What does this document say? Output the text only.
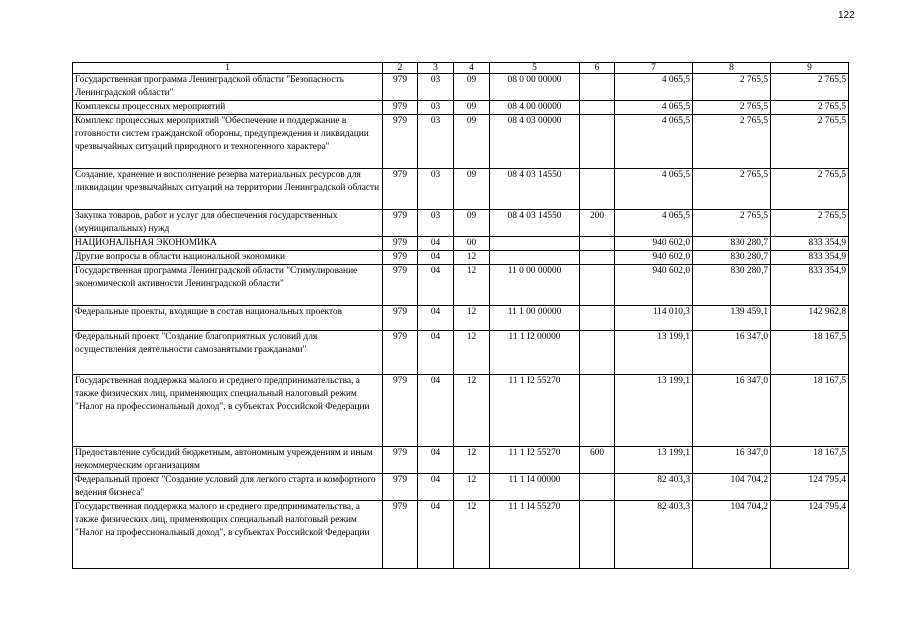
122
1	2	3	4	5	6	7	8	9
Государственная программа Ленинградской области "Безопасность Ленинградской области"	979	03	09	08 0 00 00000		4 065,5	2 765,5	2 765,5
Комплексы процессных мероприятий	979	03	09	08 4 00 00000		4 065,5	2 765,5	2 765,5
Комплекс процессных мероприятий "Обеспечение и поддержание в готовности систем гражданской обороны, предупреждения и ликвидации чрезвычайных ситуаций природного и техногенного характера"	979	03	09	08 4 03 00000		4 065,5	2 765,5	2 765,5
Создание, хранение и восполнение резерва материальных ресурсов для ликвидации чрезвычайных ситуаций на территории Ленинградской области	979	03	09	08 4 03 14550		4 065,5	2 765,5	2 765,5
Закупка товаров, работ и услуг для обеспечения государственных (муниципальных) нужд	979	03	09	08 4 03 14550	200	4 065,5	2 765,5	2 765,5
НАЦИОНАЛЬНАЯ ЭКОНОМИКА	979	04	00			940 602,0	830 280,7	833 354,9
Другие вопросы в области национальной экономики	979	04	12			940 602,0	830 280,7	833 354,9
Государственная программа Ленинградской области "Стимулирование экономической активности Ленинградской области"	979	04	12	11 0 00 00000		940 602,0	830 280,7	833 354,9
Федеральные проекты, входящие в состав национальных проектов	979	04	12	11 1 00 00000		114 010,3	139 459,1	142 962,8
Федеральный проект "Создание благоприятных условий для осуществления деятельности самозанятыми гражданами"	979	04	12	11 1 I2 00000		13 199,1	16 347,0	18 167,5
Государственная поддержка малого и среднего предпринимательства, а также физических лиц, применяющих специальный налоговый режим "Налог на профессиональный доход", в субъектах Российской Федерации	979	04	12	11 1 I2 55270		13 199,1	16 347,0	18 167,5
Предоставление субсидий бюджетным, автономным учреждениям и иным некоммерческим организациям	979	04	12	11 1 I2 55270	600	13 199,1	16 347,0	18 167,5
Федеральный проект "Создание условий для легкого старта и комфортного ведения бизнеса"	979	04	12	11 1 I4 00000		82 403,3	104 704,2	124 795,4
Государственная поддержка малого и среднего предпринимательства, а также физических лиц, применяющих специальный налоговый режим "Налог на профессиональный доход", в субъектах Российской Федерации	979	04	12	11 1 I4 55270		82 403,3	104 704,2	124 795,4
